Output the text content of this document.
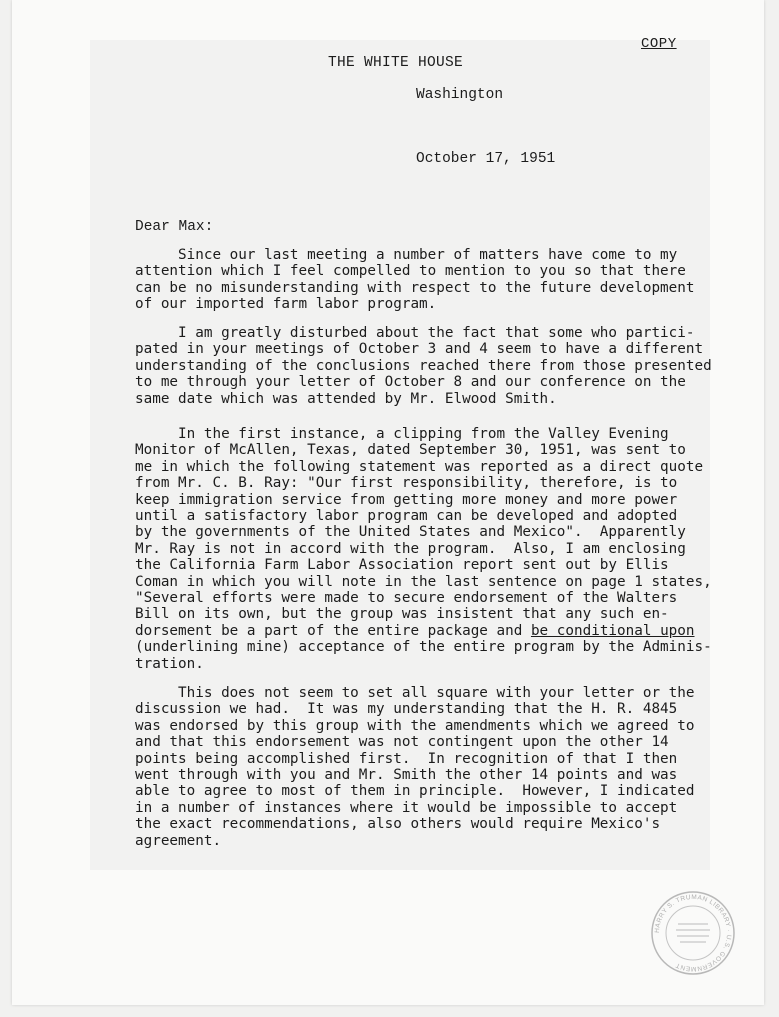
COPY
THE WHITE HOUSE
Washington
October 17, 1951
Dear Max:
Since our last meeting a number of matters have come to my
attention which I feel compelled to mention to you so that there
can be no misunderstanding with respect to the future development
of our imported farm labor program.
I am greatly disturbed about the fact that some who partici-
pated in your meetings of October 3 and 4 seem to have a different
understanding of the conclusions reached there from those presented
to me through your letter of October 8 and our conference on the
same date which was attended by Mr. Elwood Smith.
In the first instance, a clipping from the Valley Evening
Monitor of McAllen, Texas, dated September 30, 1951, was sent to
me in which the following statement was reported as a direct quote
from Mr. C. B. Ray: "Our first responsibility, therefore, is to
keep immigration service from getting more money and more power
until a satisfactory labor program can be developed and adopted
by the governments of the United States and Mexico".  Apparently
Mr. Ray is not in accord with the program.  Also, I am enclosing
the California Farm Labor Association report sent out by Ellis
Coman in which you will note in the last sentence on page 1 states,
"Several efforts were made to secure endorsement of the Walters
Bill on its own, but the group was insistent that any such en-
dorsement be a part of the entire package and be conditional upon
(underlining mine) acceptance of the entire program by the Adminis-
tration.
This does not seem to set all square with your letter or the
discussion we had.  It was my understanding that the H. R. 4845
was endorsed by this group with the amendments which we agreed to
and that this endorsement was not contingent upon the other 14
points being accomplished first.  In recognition of that I then
went through with you and Mr. Smith the other 14 points and was
able to agree to most of them in principle.  However, I indicated
in a number of instances where it would be impossible to accept
the exact recommendations, also others would require Mexico's
agreement.
HARRY S. TRUMAN LIBRARY · U.S. GOVERNMENT
